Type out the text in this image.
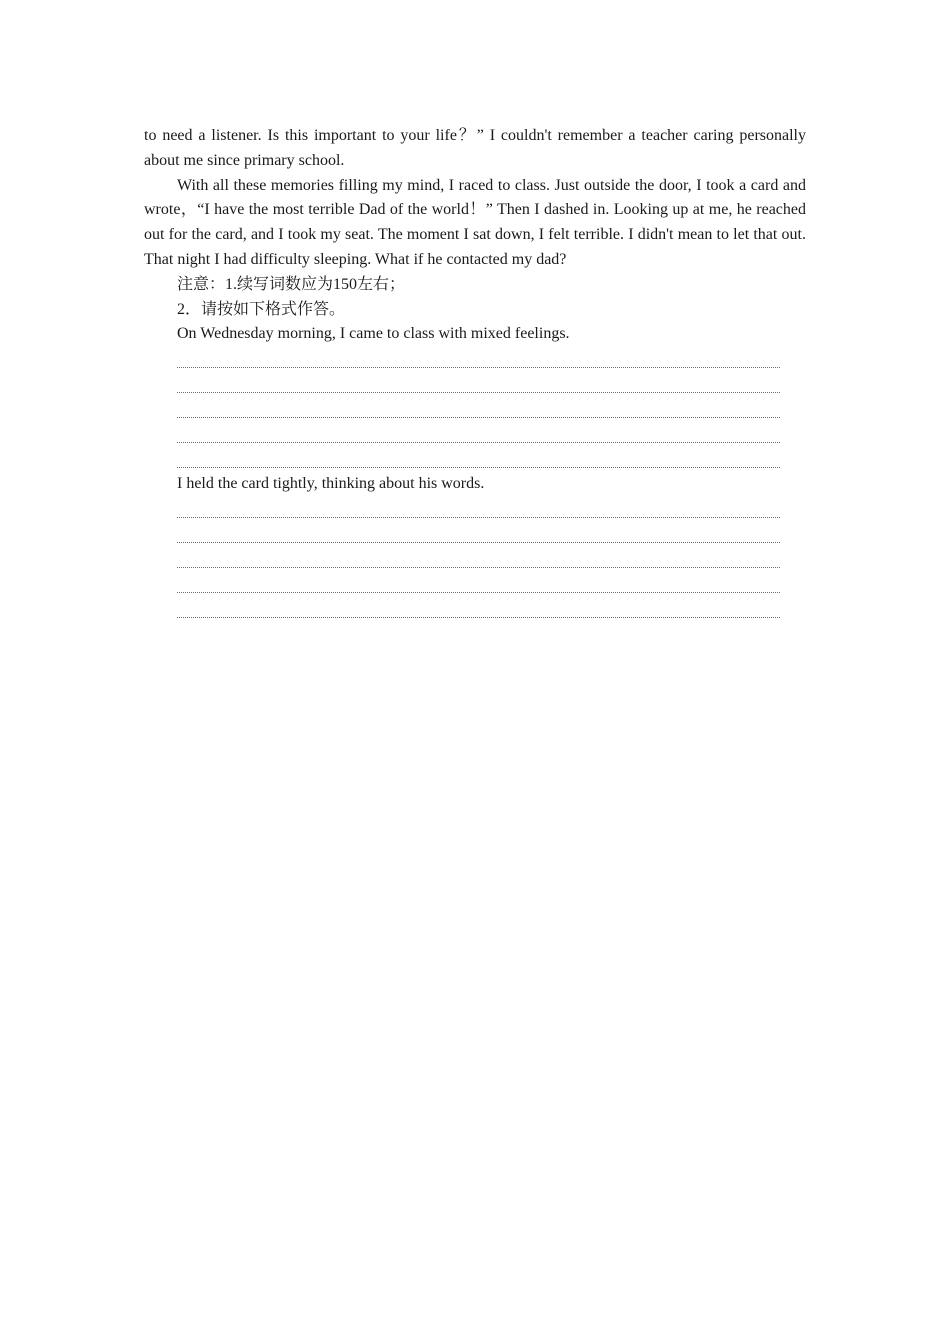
to need a listener. Is this important to your life？” I couldn't remember a teacher caring personally about me since primary school.

With all these memories filling my mind, I raced to class. Just outside the door, I took a card and wrote，“I have the most terrible Dad of the world！” Then I dashed in. Looking up at me, he reached out for the card, and I took my seat. The moment I sat down, I felt terrible. I didn't mean to let that out. That night I had difficulty sleeping. What if he contacted my dad?

注意：1.续写词数应为150左右；

2．请按如下格式作答。

On Wednesday morning, I came to class with mixed feelings.

I held the card tightly, thinking about his words.
